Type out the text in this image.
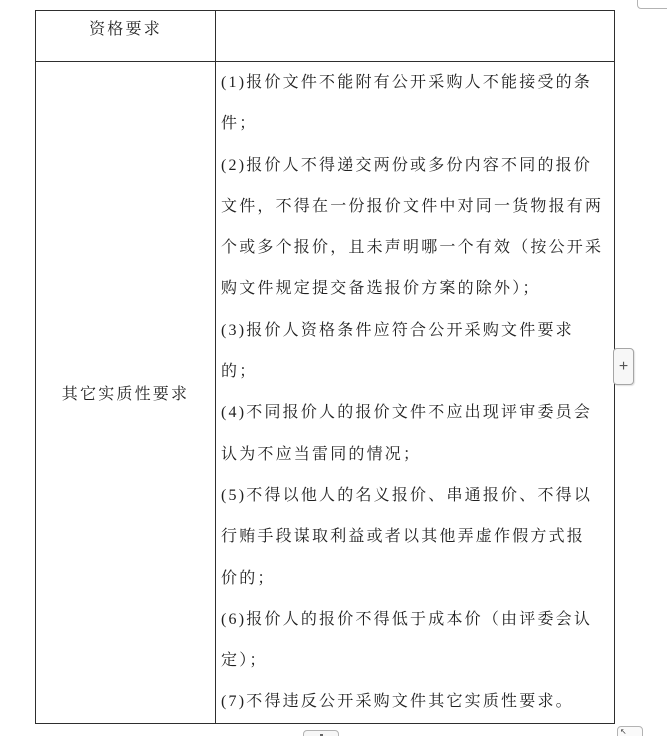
资格要求
其它实质性要求
(1)报价文件不能附有公开采购人不能接受的条
件；
(2)报价人不得递交两份或多份内容不同的报价
文件，不得在一份报价文件中对同一货物报有两
个或多个报价，且未声明哪一个有效（按公开采
购文件规定提交备选报价方案的除外）；
(3)报价人资格条件应符合公开采购文件要求
的；
(4)不同报价人的报价文件不应出现评审委员会
认为不应当雷同的情况；
(5)不得以他人的名义报价、串通报价、不得以
行贿手段谋取利益或者以其他弄虚作假方式报
价的；
(6)报价人的报价不得低于成本价（由评委会认
定）；
(7)不得违反公开采购文件其它实质性要求。
+
↖
